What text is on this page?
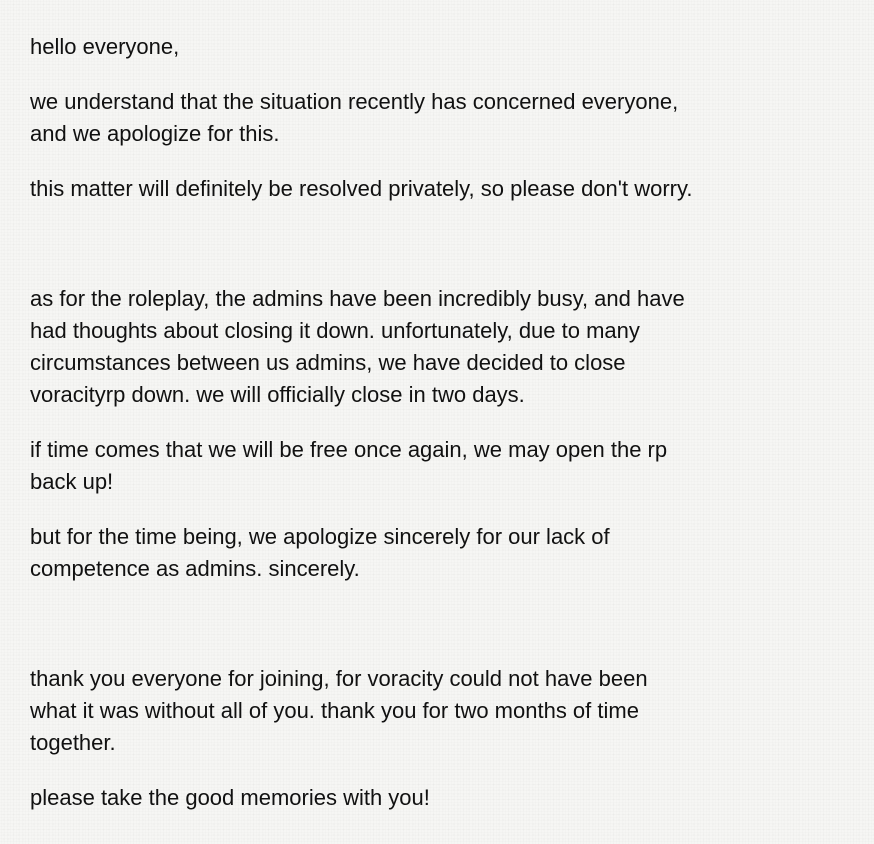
hello everyone,

we understand that the situation recently has concerned everyone,
and we apologize for this.

this matter will definitely be resolved privately, so please don't worry.

as for the roleplay, the admins have been incredibly busy, and have
had thoughts about closing it down. unfortunately, due to many
circumstances between us admins, we have decided to close
voracityrp down. we will officially close in two days.

if time comes that we will be free once again, we may open the rp
back up!

but for the time being, we apologize sincerely for our lack of
competence as admins. sincerely.

thank you everyone for joining, for voracity could not have been
what it was without all of you. thank you for two months of time
together.

please take the good memories with you!
